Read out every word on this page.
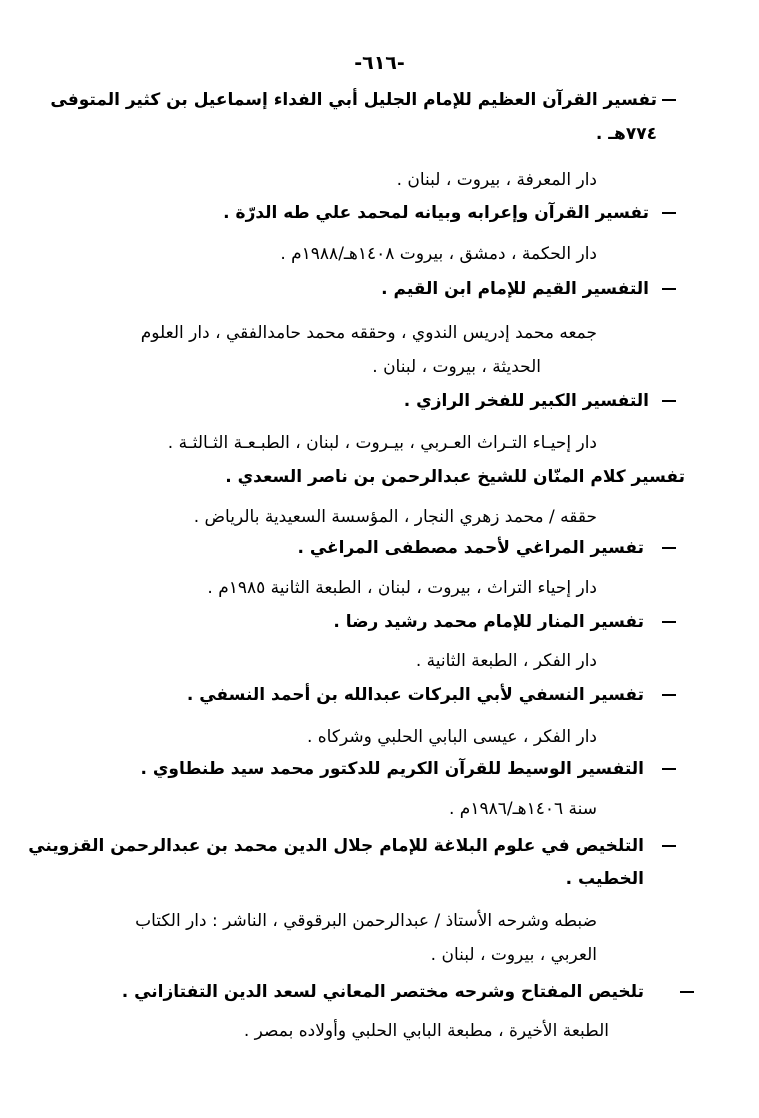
-٦١٦-
تفسير القرآن العظيم للإمام الجليل أبي الفداء إسماعيل بن كثير المتوفى
٧٧٤هـ .
دار المعرفة ، بيروت ، لبنان .
تفسير القرآن وإعرابه وبيانه لمحمد علي طه الدرّة .
دار الحكمة ، دمشق ، بيروت ١٤٠٨هـ/١٩٨٨م .
التفسير القيم للإمام ابن القيم .
جمعه محمد إدريس الندوي ، وحققه محمد حامدالفقي ، دار العلوم
الحديثة ، بيروت ، لبنان .
التفسير الكبير للفخر الرازي .
دار إحيـاء التـراث العـربي ، بيـروت ، لبنان ، الطبـعـة الثـالثـة .
تفسير كلام المنّان للشيخ عبدالرحمن بن ناصر السعدي .
حققه / محمد زهري النجار ، المؤسسة السعيدية بالرياض .
تفسير المراغي لأحمد مصطفى المراغي .
دار إحياء التراث ، بيروت ، لبنان ، الطبعة الثانية ١٩٨٥م .
تفسير المنار للإمام محمد رشيد رضا .
دار الفكر ، الطبعة الثانية .
تفسير النسفي لأبي البركات عبدالله بن أحمد النسفي .
دار الفكر ، عيسى البابي الحلبي وشركاه .
التفسير الوسيط للقرآن الكريم للدكتور محمد سيد طنطاوي .
سنة ١٤٠٦هـ/١٩٨٦م .
التلخيص في علوم البلاغة للإمام جلال الدين محمد بن عبدالرحمن القزويني
الخطيب .
ضبطه وشرحه الأستاذ / عبدالرحمن البرقوقي ، الناشر : دار الكتاب
العربي ، بيروت ، لبنان .
تلخيص المفتاح وشرحه مختصر المعاني لسعد الدين التفتازاني .
الطبعة الأخيرة ، مطبعة البابي الحلبي وأولاده بمصر .
